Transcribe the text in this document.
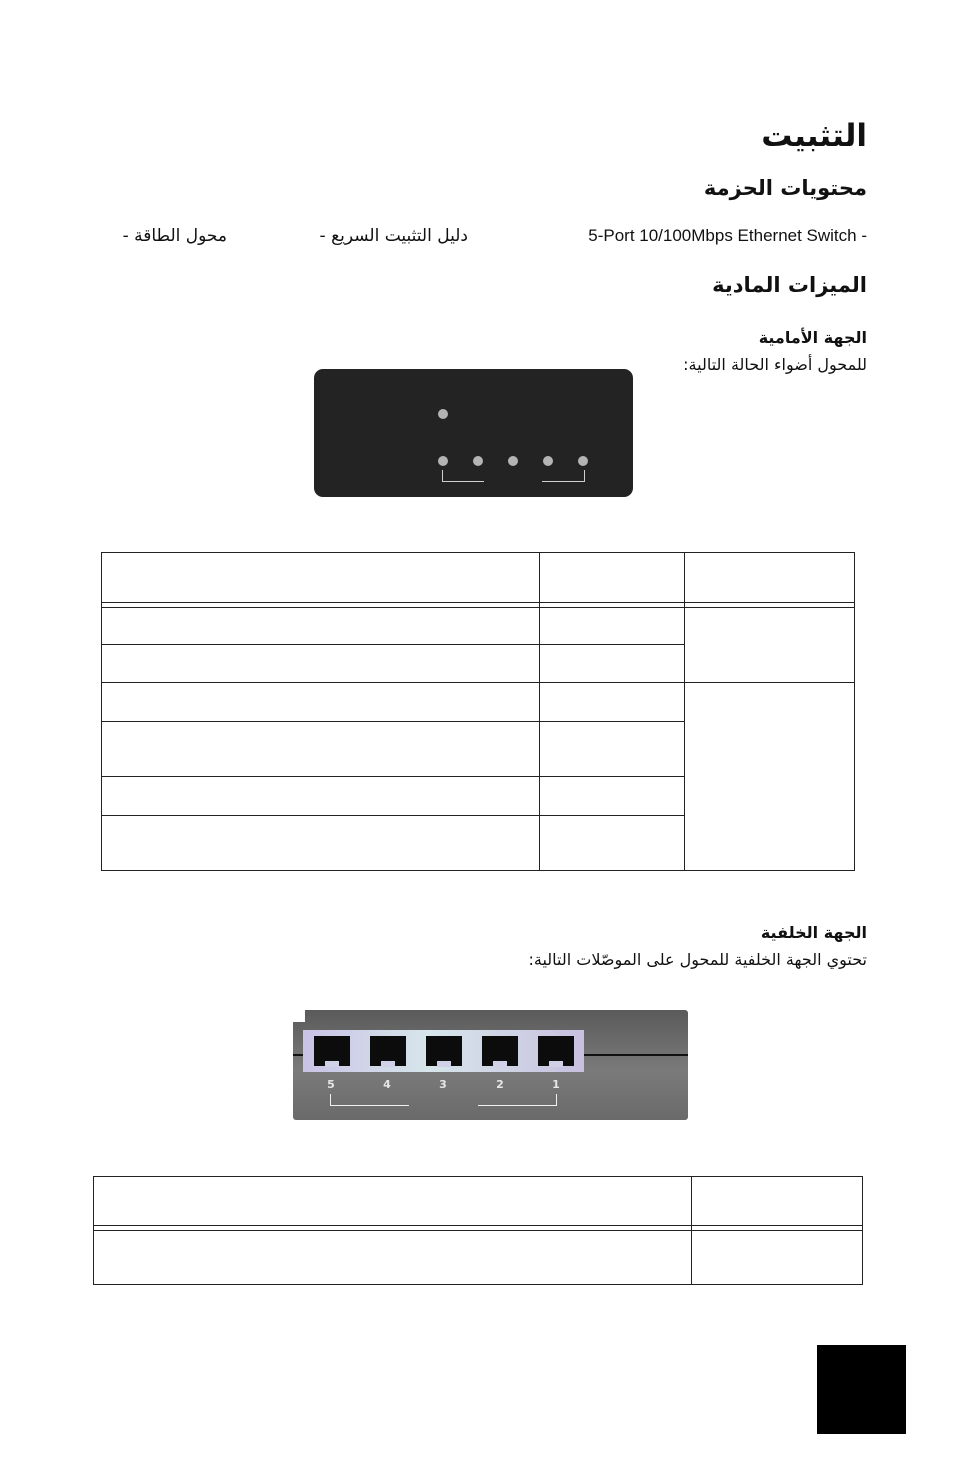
التثبيت
محتويات الحزمة
5-Port 10/100Mbps Ethernet Switch -
دليل التثبيت السريع -
محول الطاقة -
الميزات المادية
الجهة الأمامية
للمحول أضواء الحالة التالية:
الجهة الخلفية
تحتوي الجهة الخلفية للمحول على الموصّلات التالية:
5	4	3	2	1
